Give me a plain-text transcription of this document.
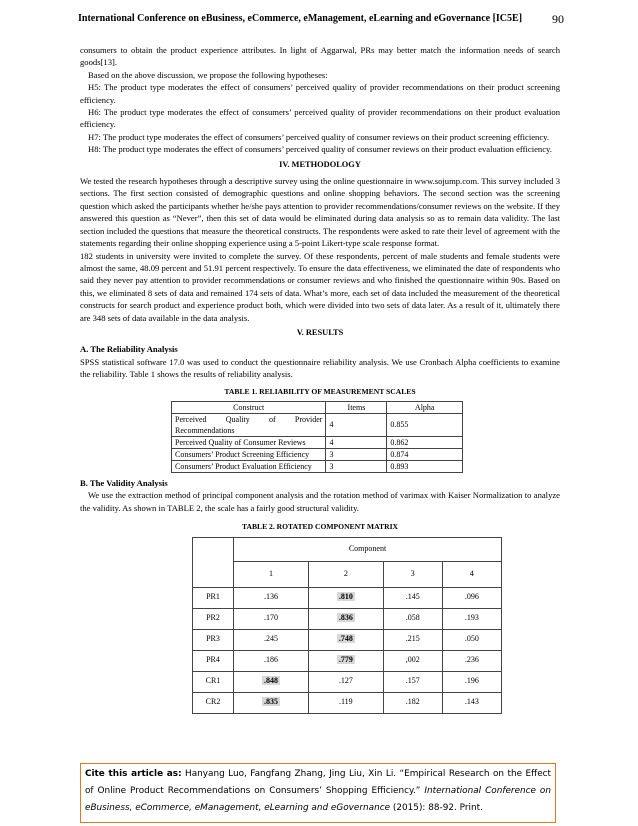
International Conference on eBusiness, eCommerce, eManagement, eLearning and eGovernance [IC5E] 90

consumers to obtain the product experience attributes. In light of Aggarwal, PRs may better match the information needs of search goods[13].

Based on the above discussion, we propose the following hypotheses:

H5: The product type moderates the effect of consumers’ perceived quality of provider recommendations on their product screening efficiency.

H6: The product type moderates the effect of consumers’ perceived quality of provider recommendations on their product evaluation efficiency.

H7: The product type moderates the effect of consumers’ perceived quality of consumer reviews on their product screening efficiency.

H8: The product type moderates the effect of consumers’ perceived quality of consumer reviews on their product evaluation efficiency.

IV. METHODOLOGY

We tested the research hypotheses through a descriptive survey using the online questionnaire in www.sojump.com. This survey included 3 sections. The first section consisted of demographic questions and online shopping behaviors. The second section was the screening question which asked the participants whether he/she pays attention to provider recommendations/consumer reviews on the website. If they answered this question as “Never”, then this set of data would be eliminated during data analysis so as to remain data validity. The last section included the questions that measure the theoretical constructs. The respondents were asked to rate their level of agreement with the statements regarding their online shopping experience using a 5-point Likert-type scale response format.

182 students in university were invited to complete the survey. Of these respondents, percent of male students and female students were almost the same, 48.09 percent and 51.91 percent respectively. To ensure the data effectiveness, we eliminated the date of respondents who said they never pay attention to provider recommendations or consumer reviews and who finished the questionnaire within 90s. Based on this, we eliminated 8 sets of data and remained 174 sets of data. What’s more, each set of data included the measurement of the theoretical constructs for search product and experience product both, which were divided into two sets of data later. As a result of it, ultimately there are 348 sets of data available in the data analysis.

V. RESULTS
A. The Reliability Analysis

SPSS statistical software 17.0 was used to conduct the questionnaire reliability analysis. We use Cronbach Alpha coefficients to examine the reliability. Table 1 shows the results of reliability analysis.

TABLE 1. RELIABILITY OF MEASUREMENT SCALES
Construct	Items	Alpha
Perceived Quality of Provider Recommendations	4	0.855
Perceived Quality of Consumer Reviews	4	0.862
Consumers’ Product Screening Efficiency	3	0.874
Consumers’ Product Evaluation Efficiency	3	0.893
B. The Validity Analysis

We use the extraction method of principal component analysis and the rotation method of varimax with Kaiser Normalization to analyze the validity. As shown in TABLE 2, the scale has a fairly good structural validity.

TABLE 2. ROTATED COMPONENT MATRIX
	Component			
	1	2	3	4
PR1	.136	.810	.145	.096
PR2	.170	.836	.058	.193
PR3	.245	.748	.215	.050
PR4	.186	.779	,002	.236
CR1	.848	.127	.157	.196
CR2	.835	.119	.182	.143
Cite this article as: Hanyang Luo, Fangfang Zhang, Jing Liu, Xin Li. “Empirical Research on the Effect of Online Product Recommendations on Consumers’ Shopping Efficiency.” International Conference on eBusiness, eCommerce, eManagement, eLearning and eGovernance (2015): 88-92. Print.
